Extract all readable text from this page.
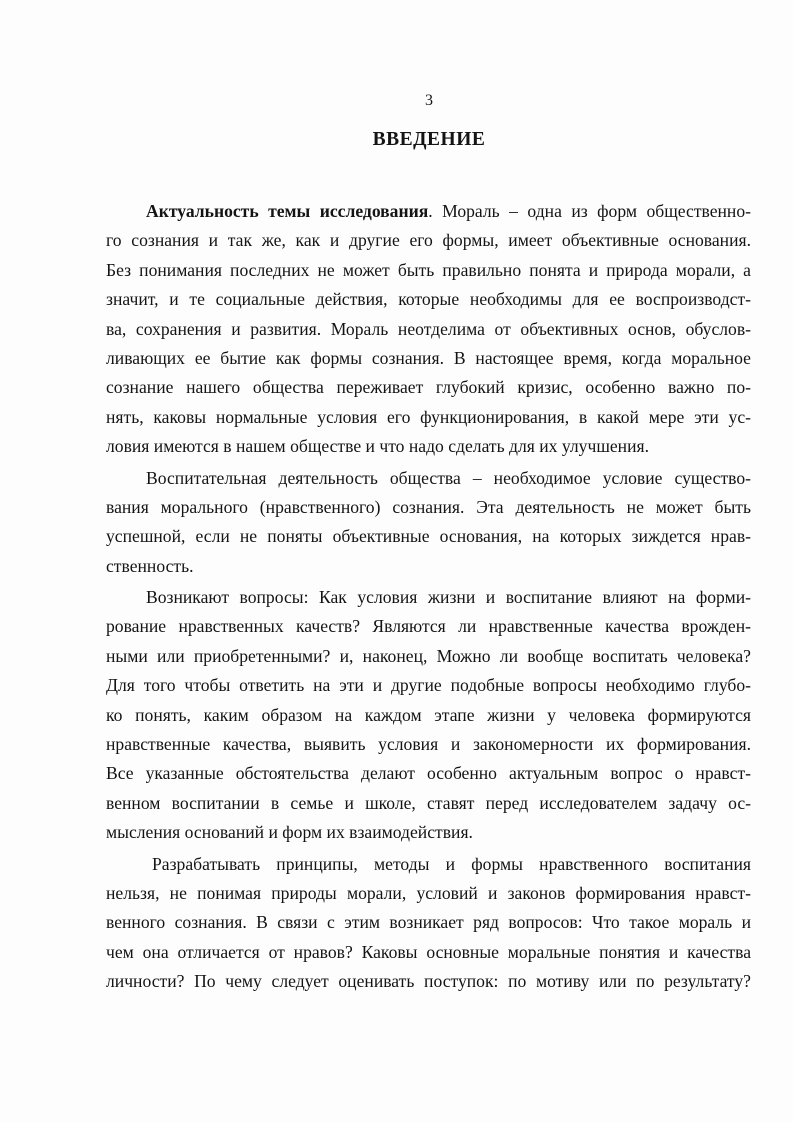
3
ВВЕДЕНИЕ
Актуальность темы исследования. Мораль – одна из форм общественно-
го сознания и так же, как и другие его формы, имеет объективные основания.
Без понимания последних не может быть правильно понята и природа морали, а
значит, и те социальные действия, которые необходимы для ее воспроизводст-
ва, сохранения и развития. Мораль неотделима от объективных основ, обуслов-
ливающих ее бытие как формы сознания. В настоящее время, когда моральное
сознание нашего общества переживает глубокий кризис, особенно важно по-
нять, каковы нормальные условия его функционирования, в какой мере эти ус-
ловия имеются в нашем обществе и что надо сделать для их улучшения.
Воспитательная деятельность общества – необходимое условие существо-
вания морального (нравственного) сознания. Эта деятельность не может быть
успешной, если не поняты объективные основания, на которых зиждется нрав-
ственность.
Возникают вопросы: Как условия жизни и воспитание влияют на форми-
рование нравственных качеств? Являются ли нравственные качества врожден-
ными или приобретенными? и, наконец, Можно ли вообще воспитать человека?
Для того чтобы ответить на эти и другие подобные вопросы необходимо глубо-
ко понять, каким образом на каждом этапе жизни у человека формируются
нравственные качества, выявить условия и закономерности их формирования.
Все указанные обстоятельства делают особенно актуальным вопрос о нравст-
венном воспитании в семье и школе, ставят перед исследователем задачу ос-
мысления оснований и форм их взаимодействия.
Разрабатывать принципы, методы и формы нравственного воспитания
нельзя, не понимая природы морали, условий и законов формирования нравст-
венного сознания. В связи с этим возникает ряд вопросов: Что такое мораль и
чем она отличается от нравов? Каковы основные моральные понятия и качества
личности? По чему следует оценивать поступок: по мотиву или по результату?
